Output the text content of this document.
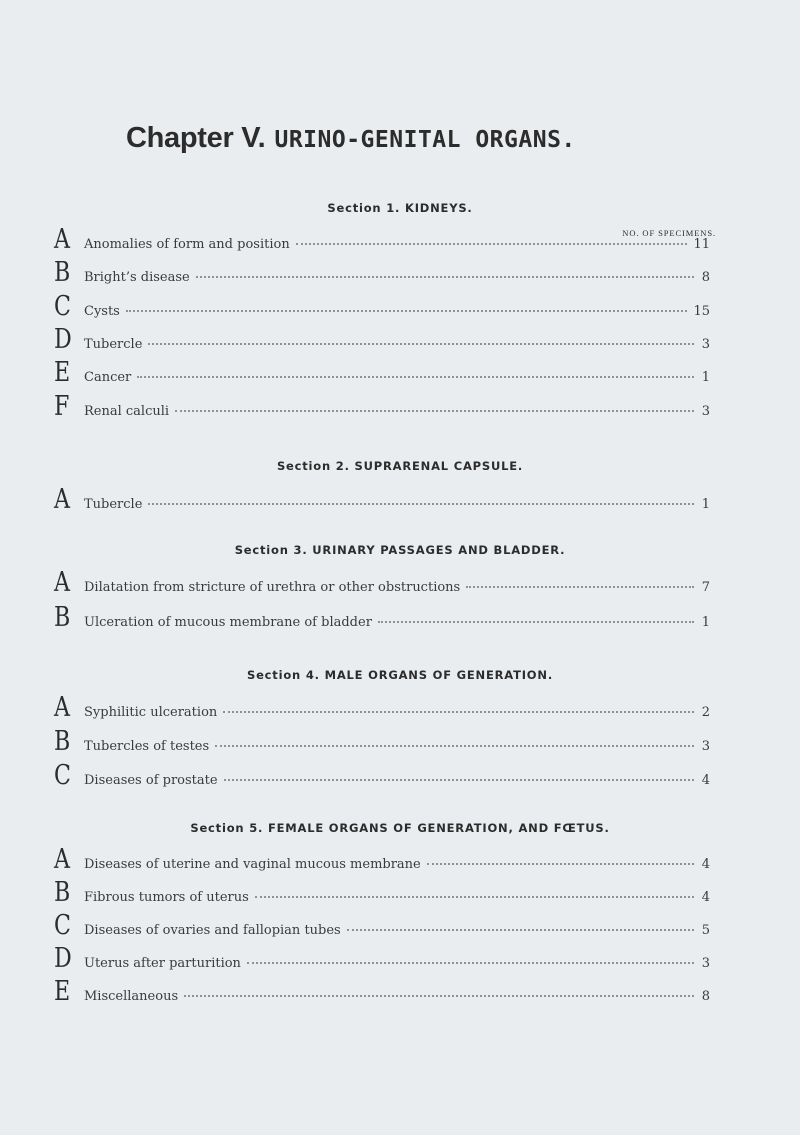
Chapter V. URINO-GENITAL ORGANS.
NO. OF SPECIMENS.
Section 1. KIDNEYS.
A Anomalies of form and position	11
B Bright’s disease	8
C Cysts	15
D Tubercle	3
E Cancer	1
F Renal calculi	3
Section 2. SUPRARENAL CAPSULE.
A Tubercle	1
Section 3. URINARY PASSAGES AND BLADDER.
A Dilatation from stricture of urethra or other obstructions	7
B Ulceration of mucous membrane of bladder	1
Section 4. MALE ORGANS OF GENERATION.
A Syphilitic ulceration	2
B Tubercles of testes	3
C Diseases of prostate	4
Section 5. FEMALE ORGANS OF GENERATION, AND FŒTUS.
A Diseases of uterine and vaginal mucous membrane	4
B Fibrous tumors of uterus	4
C Diseases of ovaries and fallopian tubes	5
D Uterus after parturition	3
E Miscellaneous	8
